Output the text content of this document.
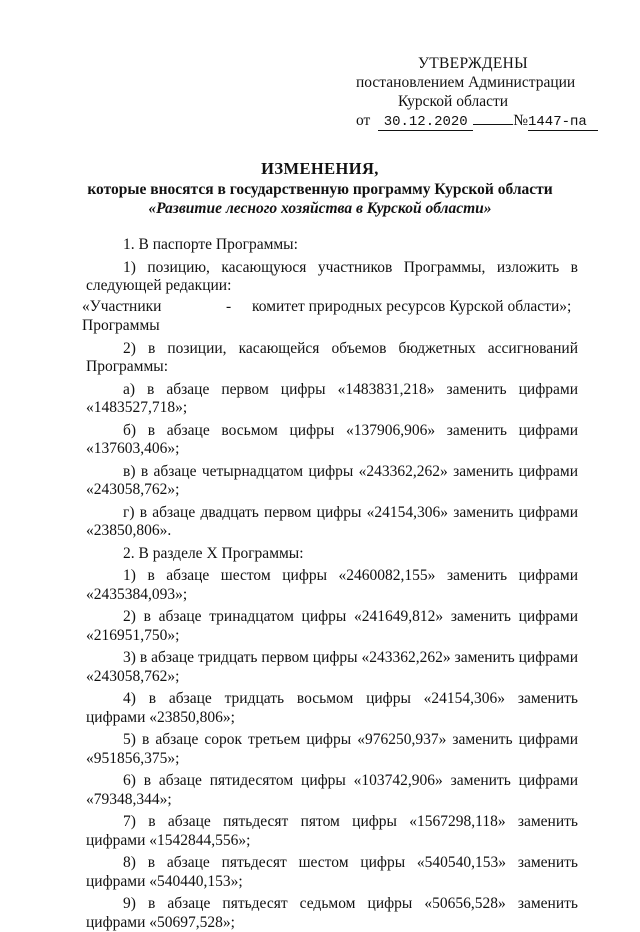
УТВЕРЖДЕНЫ
постановлением Администрации
Курской области
от 30.12.2020	№1447-па
ИЗМЕНЕНИЯ,
которые вносятся в государственную программу Курской области
«Развитие лесного хозяйства в Курской области»

1. В паспорте Программы:

1) позицию, касающуюся участников Программы, изложить в следующей редакции:

«Участники	-	комитет природных ресурсов Курской области»;
Программы

2) в позиции, касающейся объемов бюджетных ассигнований Программы:

а) в абзаце первом цифры «1483831,218» заменить цифрами «1483527,718»;

б) в абзаце восьмом цифры «137906,906» заменить цифрами «137603,406»;

в) в абзаце четырнадцатом цифры «243362,262» заменить цифрами «243058,762»;

г) в абзаце двадцать первом цифры «24154,306» заменить цифрами «23850,806».

2. В разделе X Программы:

1) в абзаце шестом цифры «2460082,155» заменить цифрами «2435384,093»;

2) в абзаце тринадцатом цифры «241649,812» заменить цифрами «216951,750»;

3) в абзаце тридцать первом цифры «243362,262» заменить цифрами «243058,762»;

4) в абзаце тридцать восьмом цифры «24154,306» заменить цифрами «23850,806»;

5) в абзаце сорок третьем цифры «976250,937» заменить цифрами «951856,375»;

6) в абзаце пятидесятом цифры «103742,906» заменить цифрами «79348,344»;

7) в абзаце пятьдесят пятом цифры «1567298,118» заменить цифрами «1542844,556»;

8) в абзаце пятьдесят шестом цифры «540540,153» заменить цифрами «540440,153»;

9) в абзаце пятьдесят седьмом цифры «50656,528» заменить цифрами «50697,528»;
